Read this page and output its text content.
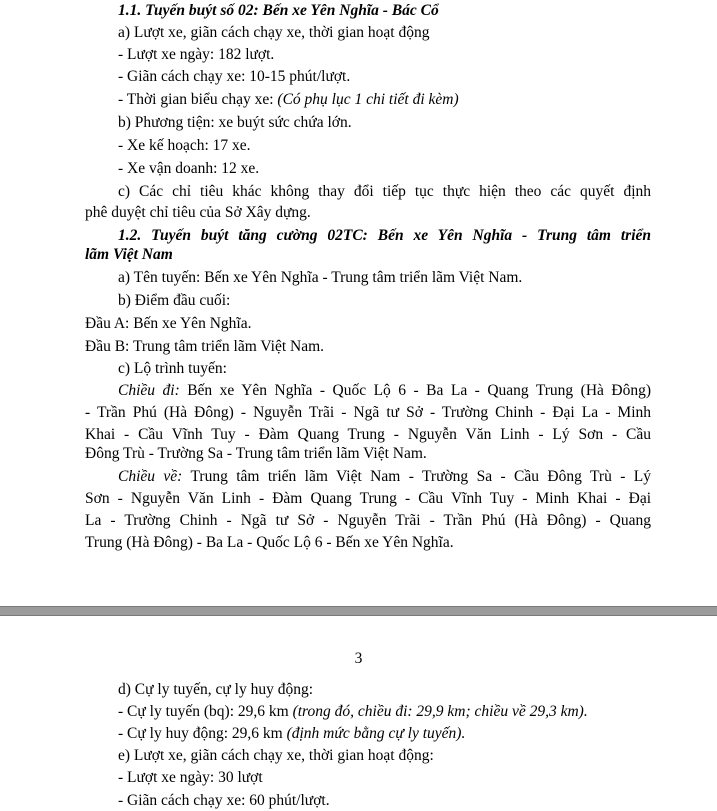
1.1. Tuyến buýt số 02: Bến xe Yên Nghĩa - Bác Cổ
a) Lượt xe, giãn cách chạy xe, thời gian hoạt động
- Lượt xe ngày: 182 lượt.
- Giãn cách chạy xe: 10-15 phút/lượt.
- Thời gian biểu chạy xe: (Có phụ lục 1 chi tiết đi kèm)
b) Phương tiện: xe buýt sức chứa lớn.
- Xe kế hoạch: 17 xe.
- Xe vận doanh: 12 xe.
c) Các chỉ tiêu khác không thay đổi tiếp tục thực hiện theo các quyết định
phê duyệt chỉ tiêu của Sở Xây dựng.
1.2. Tuyến buýt tăng cường 02TC: Bến xe Yên Nghĩa - Trung tâm triển
lãm Việt Nam
a) Tên tuyến: Bến xe Yên Nghĩa - Trung tâm triển lãm Việt Nam.
b) Điểm đầu cuối:
Đầu A: Bến xe Yên Nghĩa.
Đầu B: Trung tâm triển lãm Việt Nam.
c) Lộ trình tuyến:
Chiều đi: Bến xe Yên Nghĩa - Quốc Lộ 6 - Ba La - Quang Trung (Hà Đông)
- Trần Phú (Hà Đông) - Nguyễn Trãi - Ngã tư Sở - Trường Chinh - Đại La - Minh
Khai - Cầu Vĩnh Tuy - Đàm Quang Trung - Nguyễn Văn Linh - Lý Sơn - Cầu
Đông Trù - Trường Sa - Trung tâm triển lãm Việt Nam.
Chiều về: Trung tâm triển lãm Việt Nam - Trường Sa - Cầu Đông Trù - Lý
Sơn - Nguyễn Văn Linh - Đàm Quang Trung - Cầu Vĩnh Tuy - Minh Khai - Đại
La - Trường Chinh - Ngã tư Sở - Nguyễn Trãi - Trần Phú (Hà Đông) - Quang
Trung (Hà Đông) - Ba La - Quốc Lộ 6 - Bến xe Yên Nghĩa.
3
d) Cự ly tuyến, cự ly huy động:
- Cự ly tuyến (bq): 29,6 km (trong đó, chiều đi: 29,9 km; chiều về 29,3 km).
- Cự ly huy động: 29,6 km (định mức bằng cự ly tuyến).
e) Lượt xe, giãn cách chạy xe, thời gian hoạt động:
- Lượt xe ngày: 30 lượt
- Giãn cách chạy xe: 60 phút/lượt.
